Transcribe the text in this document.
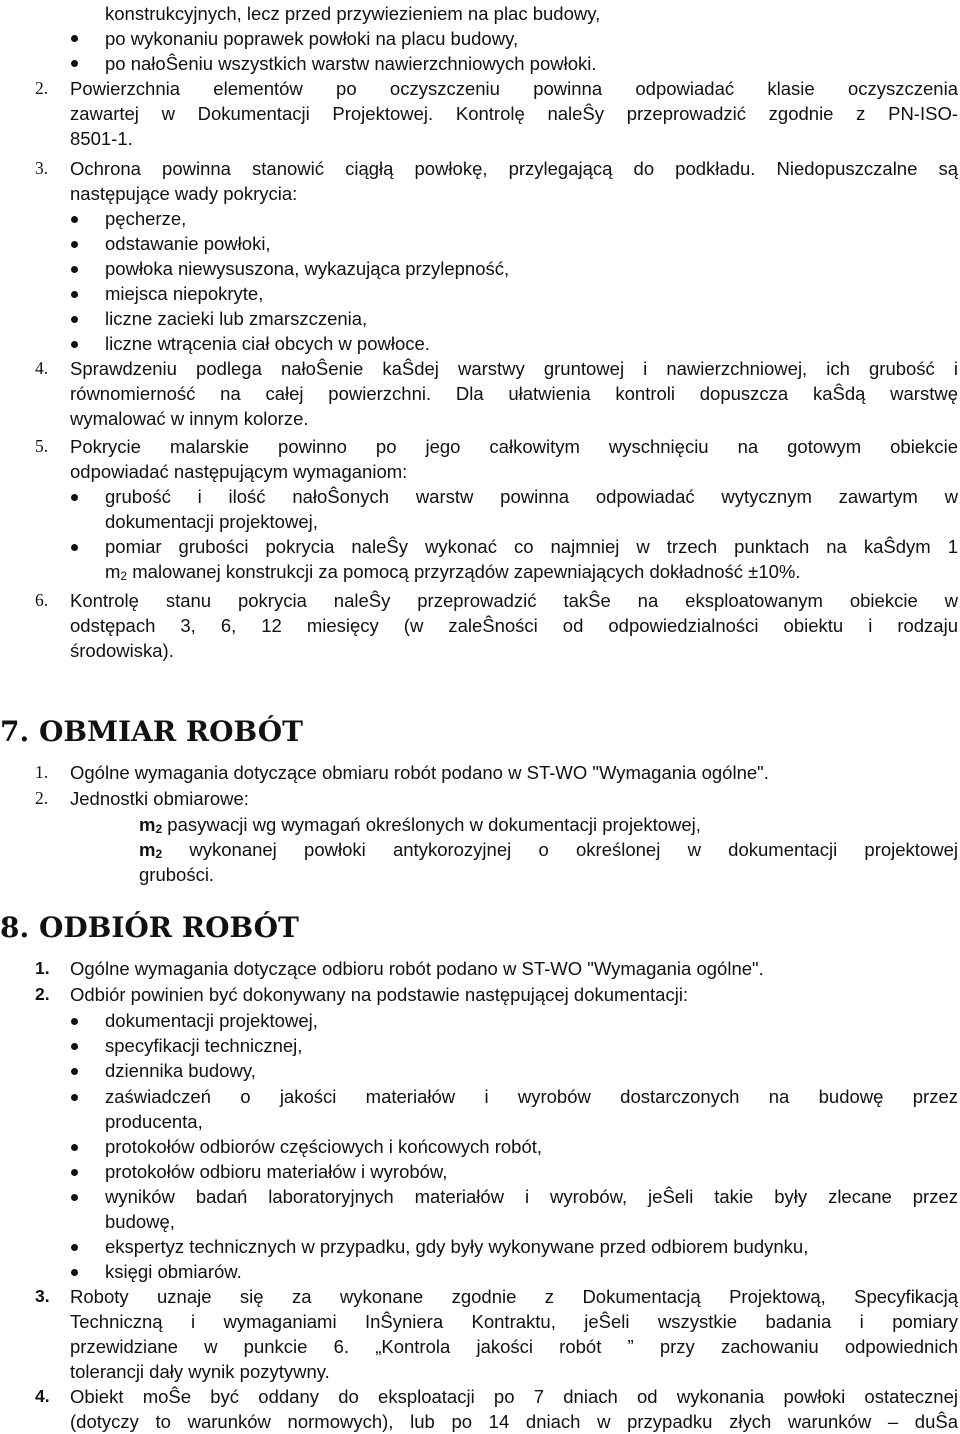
konstrukcyjnych, lecz przed przywiezieniem na plac budowy,
po wykonaniu poprawek powłoki na placu budowy,
po nałoŜeniu wszystkich warstw nawierzchniowych powłoki.
2. Powierzchnia elementów po oczyszczeniu powinna odpowiadać klasie oczyszczenia
zawartej w Dokumentacji Projektowej. Kontrolę naleŜy przeprowadzić zgodnie z PN-ISO-
8501-1.
3. Ochrona powinna stanowić ciągłą powłokę, przylegającą do podkładu. Niedopuszczalne są
następujące wady pokrycia:
pęcherze,
odstawanie powłoki,
powłoka niewysuszona, wykazująca przylepność,
miejsca niepokryte,
liczne zacieki lub zmarszczenia,
liczne wtrącenia ciał obcych w powłoce.
4. Sprawdzeniu podlega nałoŜenie kaŜdej warstwy gruntowej i nawierzchniowej, ich grubość i
równomierność na całej powierzchni. Dla ułatwienia kontroli dopuszcza kaŜdą warstwę
wymalować w innym kolorze.
5. Pokrycie malarskie powinno po jego całkowitym wyschnięciu na gotowym obiekcie
odpowiadać następującym wymaganiom:
grubość i ilość nałoŜonych warstw powinna odpowiadać wytycznym zawartym w
dokumentacji projektowej,
pomiar grubości pokrycia naleŜy wykonać co najmniej w trzech punktach na kaŜdym 1
m2 malowanej konstrukcji za pomocą przyrządów zapewniających dokładność ±10%.
6. Kontrolę stanu pokrycia naleŜy przeprowadzić takŜe na eksploatowanym obiekcie w
odstępach 3, 6, 12 miesięcy (w zaleŜności od odpowiedzialności obiektu i rodzaju
środowiska).
7. OBMIAR ROBÓT
1. Ogólne wymagania dotyczące obmiaru robót podano w ST-WO "Wymagania ogólne".
2. Jednostki obmiarowe:
m2 pasywacji wg wymagań określonych w dokumentacji projektowej,
m2 wykonanej powłoki antykorozyjnej o określonej w dokumentacji projektowej
grubości.
8. ODBIÓR ROBÓT
1. Ogólne wymagania dotyczące odbioru robót podano w ST-WO "Wymagania ogólne".
2. Odbiór powinien być dokonywany na podstawie następującej dokumentacji:
dokumentacji projektowej,
specyfikacji technicznej,
dziennika budowy,
zaświadczeń o jakości materiałów i wyrobów dostarczonych na budowę przez
producenta,
protokołów odbiorów częściowych i końcowych robót,
protokołów odbioru materiałów i wyrobów,
wyników badań laboratoryjnych materiałów i wyrobów, jeŜeli takie były zlecane przez
budowę,
ekspertyz technicznych w przypadku, gdy były wykonywane przed odbiorem budynku,
księgi obmiarów.
3. Roboty uznaje się za wykonane zgodnie z Dokumentacją Projektową, Specyfikacją
Techniczną i wymaganiami InŜyniera Kontraktu, jeŜeli wszystkie badania i pomiary
przewidziane w punkcie 6. „Kontrola jakości robót ” przy zachowaniu odpowiednich
tolerancji dały wynik pozytywny.
4. Obiekt moŜe być oddany do eksploatacji po 7 dniach od wykonania powłoki ostatecznej
(dotyczy to warunków normowych), lub po 14 dniach w przypadku złych warunków – duŜa
